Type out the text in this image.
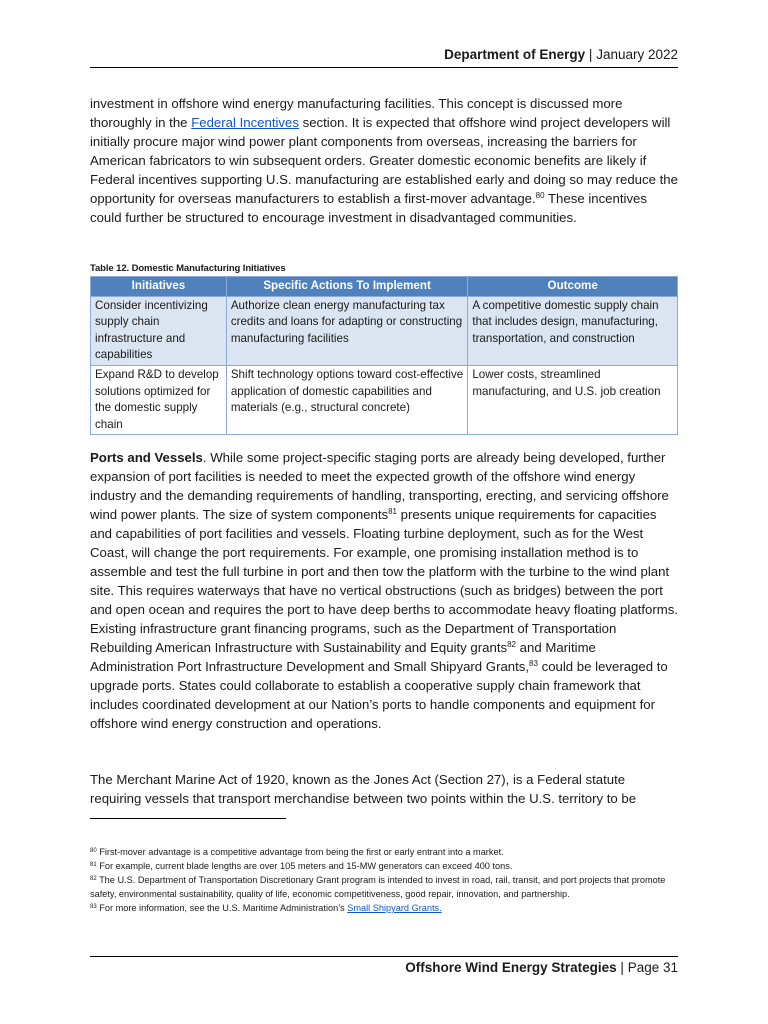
Department of Energy | January 2022

investment in offshore wind energy manufacturing facilities. This concept is discussed more thoroughly in the Federal Incentives section. It is expected that offshore wind project developers will initially procure major wind power plant components from overseas, increasing the barriers for American fabricators to win subsequent orders. Greater domestic economic benefits are likely if Federal incentives supporting U.S. manufacturing are established early and doing so may reduce the opportunity for overseas manufacturers to establish a first-mover advantage.$^{80}$ These incentives could further be structured to encourage investment in disadvantaged communities.

Table 12. Domestic Manufacturing Initiatives
Initiatives	Specific Actions To Implement	Outcome
Consider incentivizing supply chain infrastructure and capabilities	Authorize clean energy manufacturing tax credits and loans for adapting or constructing manufacturing facilities	A competitive domestic supply chain that includes design, manufacturing, transportation, and construction
Expand R&D to develop solutions optimized for the domestic supply chain	Shift technology options toward cost-effective application of domestic capabilities and materials (e.g., structural concrete)	Lower costs, streamlined manufacturing, and U.S. job creation

Ports and Vessels. While some project-specific staging ports are already being developed, further expansion of port facilities is needed to meet the expected growth of the offshore wind energy industry and the demanding requirements of handling, transporting, erecting, and servicing offshore wind power plants. The size of system components$^{81}$ presents unique requirements for capacities and capabilities of port facilities and vessels. Floating turbine deployment, such as for the West Coast, will change the port requirements. For example, one promising installation method is to assemble and test the full turbine in port and then tow the platform with the turbine to the wind plant site. This requires waterways that have no vertical obstructions (such as bridges) between the port and open ocean and requires the port to have deep berths to accommodate heavy floating platforms. Existing infrastructure grant financing programs, such as the Department of Transportation Rebuilding American Infrastructure with Sustainability and Equity grants$^{82}$ and Maritime Administration Port Infrastructure Development and Small Shipyard Grants,$^{83}$ could be leveraged to upgrade ports. States could collaborate to establish a cooperative supply chain framework that includes coordinated development at our Nation’s ports to handle components and equipment for offshore wind energy construction and operations.

The Merchant Marine Act of 1920, known as the Jones Act (Section 27), is a Federal statute requiring vessels that transport merchandise between two points within the U.S. territory to be

$^{80}$ First-mover advantage is a competitive advantage from being the first or early entrant into a market.

$^{81}$ For example, current blade lengths are over 105 meters and 15-MW generators can exceed 400 tons.

$^{82}$ The U.S. Department of Transportation Discretionary Grant program is intended to invest in road, rail, transit, and port projects that promote safety, environmental sustainability, quality of life, economic competitiveness, good repair, innovation, and partnership.

$^{83}$ For more information, see the U.S. Maritime Administration’s Small Shipyard Grants.

Offshore Wind Energy Strategies | Page 31
